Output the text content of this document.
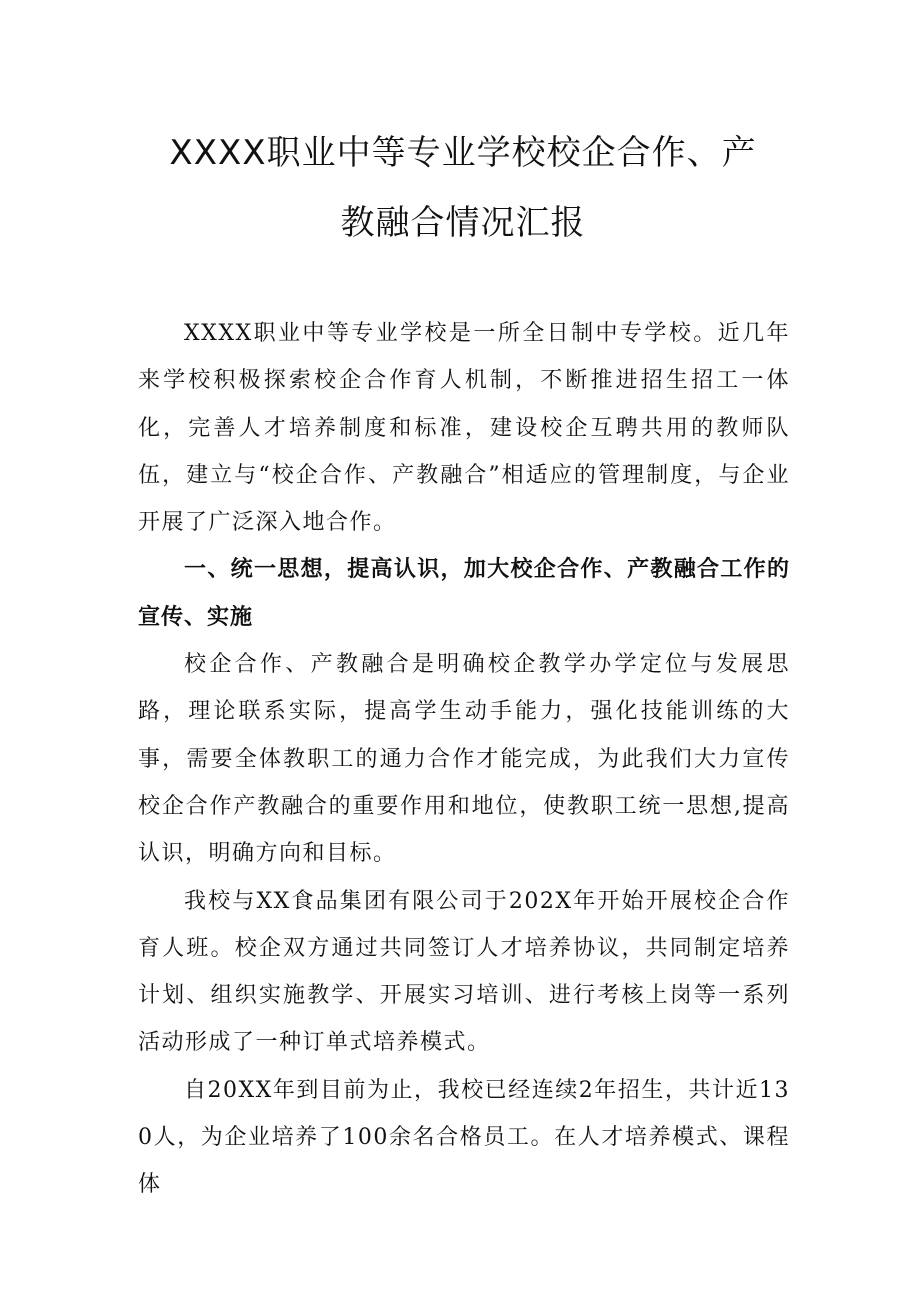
XXXX职业中等专业学校校企合作、产
教融合情况汇报

XXXX职业中等专业学校是一所全日制中专学校。近几年来学校积极探索校企合作育人机制，不断推进招生招工一体化，完善人才培养制度和标准，建设校企互聘共用的教师队伍，建立与“校企合作、产教融合”相适应的管理制度，与企业开展了广泛深入地合作。

一、统一思想，提高认识，加大校企合作、产教融合工作的宣传、实施

校企合作、产教融合是明确校企教学办学定位与发展思路，理论联系实际，提高学生动手能力，强化技能训练的大事，需要全体教职工的通力合作才能完成，为此我们大力宣传校企合作产教融合的重要作用和地位，使教职工统一思想,提高认识，明确方向和目标。

我校与XX食品集团有限公司于202X年开始开展校企合作育人班。校企双方通过共同签订人才培养协议，共同制定培养计划、组织实施教学、开展实习培训、进行考核上岗等一系列活动形成了一种订单式培养模式。

自20XX年到目前为止，我校已经连续2年招生，共计近130人，为企业培养了100余名合格员工。在人才培养模式、课程体
